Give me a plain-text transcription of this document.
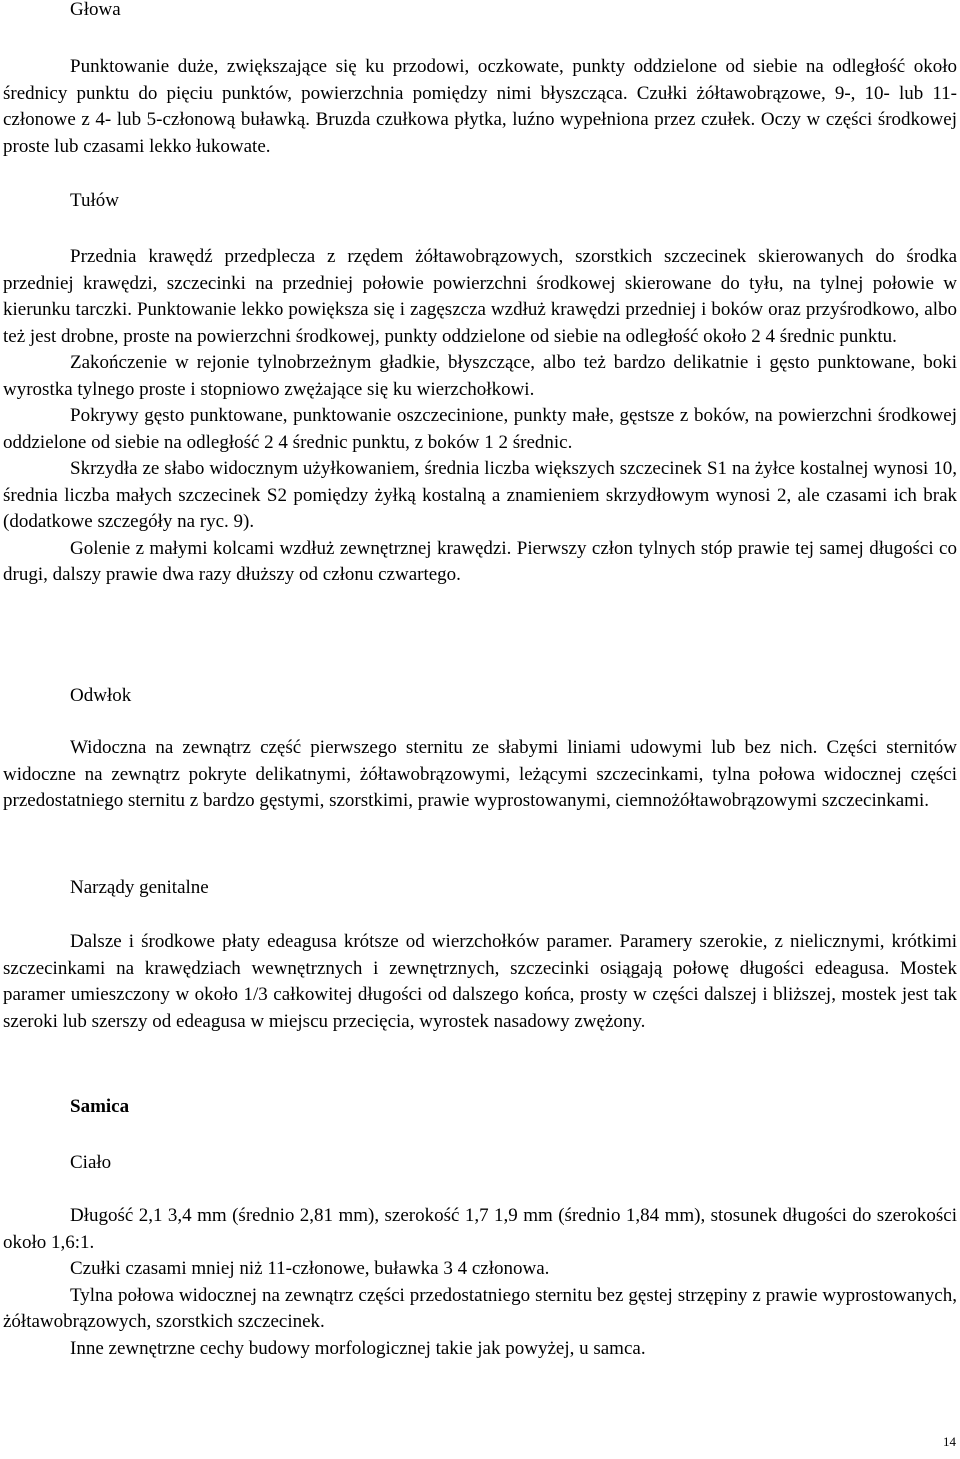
Głowa

Punktowanie duże, zwiększające się ku przodowi, oczkowate, punkty oddzielone od siebie na odległość około średnicy punktu do pięciu punktów, powierzchnia pomiędzy nimi błyszcząca. Czułki żółtawobrązowe, 9-, 10- lub 11-członowe z 4- lub 5-członową buławką. Bruzda czułkowa płytka, luźno wypełniona przez czułek. Oczy w części środkowej proste lub czasami lekko łukowate.

Tułów

Przednia krawędź przedplecza z rzędem żółtawobrązowych, szorstkich szczecinek skierowanych do środka przedniej krawędzi, szczecinki na przedniej połowie powierzchni środkowej skierowane do tyłu, na tylnej połowie w kierunku tarczki. Punktowanie lekko powiększa się i zagęszcza wzdłuż krawędzi przedniej i boków oraz przyśrodkowo, albo też jest drobne, proste na powierzchni środkowej, punkty oddzielone od siebie na odległość około 2 4 średnic punktu.

Zakończenie w rejonie tylnobrzeżnym gładkie, błyszczące, albo też bardzo delikatnie i gęsto punktowane, boki wyrostka tylnego proste i stopniowo zwężające się ku wierzchołkowi.

Pokrywy gęsto punktowane, punktowanie oszczecinione, punkty małe, gęstsze z boków, na powierzchni środkowej oddzielone od siebie na odległość 2 4 średnic punktu, z boków 1 2 średnic.

Skrzydła ze słabo widocznym użyłkowaniem, średnia liczba większych szczecinek S1 na żyłce kostalnej wynosi 10, średnia liczba małych szczecinek S2 pomiędzy żyłką kostalną a znamieniem skrzydłowym wynosi 2, ale czasami ich brak (dodatkowe szczegóły na ryc. 9).

Golenie z małymi kolcami wzdłuż zewnętrznej krawędzi. Pierwszy człon tylnych stóp prawie tej samej długości co drugi, dalszy prawie dwa razy dłuższy od członu czwartego.

Odwłok

Widoczna na zewnątrz część pierwszego sternitu ze słabymi liniami udowymi lub bez nich. Części sternitów widoczne na zewnątrz pokryte delikatnymi, żółtawobrązowymi, leżącymi szczecinkami, tylna połowa widocznej części przedostatniego sternitu z bardzo gęstymi, szorstkimi, prawie wyprostowanymi, ciemnożółtawobrązowymi szczecinkami.

Narządy genitalne

Dalsze i środkowe płaty edeagusa krótsze od wierzchołków paramer. Paramery szerokie, z nielicznymi, krótkimi szczecinkami na krawędziach wewnętrznych i zewnętrznych, szczecinki osiągają połowę długości edeagusa. Mostek paramer umieszczony w około 1/3 całkowitej długości od dalszego końca, prosty w części dalszej i bliższej, mostek jest tak szeroki lub szerszy od edeagusa w miejscu przecięcia, wyrostek nasadowy zwężony.

Samica
Ciało

Długość 2,1 3,4 mm (średnio 2,81 mm), szerokość 1,7 1,9 mm (średnio 1,84 mm), stosunek długości do szerokości około 1,6:1.

Czułki czasami mniej niż 11-członowe, buławka 3 4 członowa.

Tylna połowa widocznej na zewnątrz części przedostatniego sternitu bez gęstej strzępiny z prawie wyprostowanych, żółtawobrązowych, szorstkich szczecinek.

Inne zewnętrzne cechy budowy morfologicznej takie jak powyżej, u samca.

14
